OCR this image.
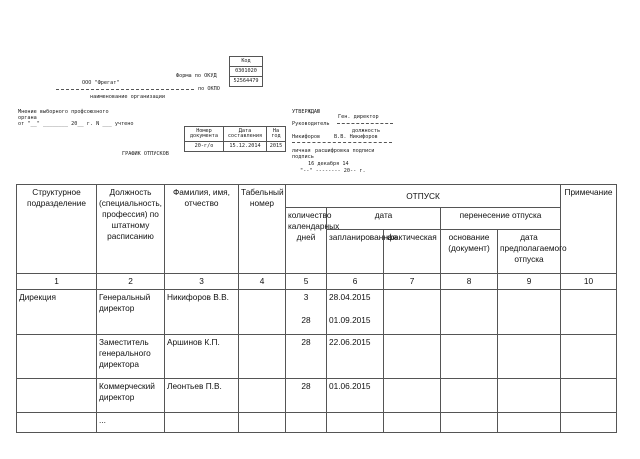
Код
0301020
52564479
Форма по ОКУД
по ОКПО
ООО "Фрегат"
наименование организации
Мнение выборного профсоюзного
органа
от "__" ________ 20__ г. N ___ учтено
УТВЕРЖДАЮ
Ген. директор
Руководитель
должность
Никифоров	В.В. Никифоров
личная расшифровка подписи
подпись
16 декабря 14
"--" -------- 20-- г.
Номер документа	Дата составления	На год
20-г/о	15.12.2014	2015
ГРАФИК ОТПУСКОВ
Структурное подразделение	Должность (специальность, профессия) по штатному расписанию	Фамилия, имя, отчество	Табельный номер	ОТПУСК					Примечание
				количество календарных дней	дата		перенесение отпуска		
					запланированная	фактическая	основание (документ)	дата предполагаемого отпуска	
1	2	3	4	5	6	7	8	9	10
Дирекция	Генеральный директор	Никифоров В.В.		3	28.04.2015				
				28	01.09.2015				
	Заместитель генерального директора	Аршинов К.П.		28	22.06.2015				
	Коммерческий директор	Леонтьев П.В.		28	01.06.2015				
	...								
